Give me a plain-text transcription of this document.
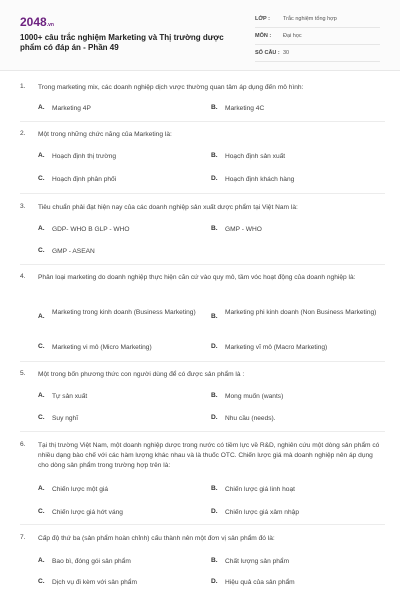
2048.vn
1000+ câu trắc nghiệm Marketing và Thị trường dược phẩm có đáp án - Phần 49
LỚP : Trắc nghiệm tổng hợp
MÔN : Đại học
SỐ CÂU : 30
1. Trong marketing mix, các doanh nghiệp dịch vược thường quan tâm áp dụng đến mô hình:
A. Marketing 4P	B. Marketing 4C
2. Một trong những chức năng của Marketing là:
A. Hoạch định thị trường	B. Hoạch định sản xuất
C. Hoạch định phân phối	D. Hoạch định khách hàng
3. Tiêu chuẩn phải đạt hiện nay của các doanh nghiệp sản xuất dược phẩm tại Việt Nam là:
A. GDP- WHO B GLP - WHO	B. GMP - WHO
C. GMP - ASEAN
4. Phân loại marketing do doanh nghiệp thực hiện căn cứ vào quy mô, tầm vóc hoạt động của doanh nghiệp là:
A.
Marketing trong kinh doanh (Business Marketing)
B.
Marketing phi kinh doanh (Non Business Marketing)
C. Marketing vi mô (Micro Marketing)	D. Marketing vĩ mô (Macro Marketing)
5. Một trong bốn phương thức con người dùng để có được sản phẩm là :
A. Tự sản xuất	B. Mong muốn (wants)
C. Suy nghĩ	D. Nhu cầu (needs).
6. Tại thị trường Việt Nam, một doanh nghiệp dược trong nước có tiềm lực về R&D, nghiên cứu một dòng sản phẩm có nhiều dạng bào chế với các hàm lượng khác nhau và là thuốc OTC. Chiến lược giá mà doanh nghiệp nên áp dụng cho dòng sản phẩm trong trường hợp trên là:
A. Chiến lược một giá	B. Chiến lược giá linh hoạt
C. Chiến lược giá hớt váng	D. Chiến lược giá xâm nhập
7. Cấp độ thứ ba (sản phẩm hoàn chỉnh) cấu thành nên một đơn vị sản phẩm đó là:
A. Bao bì, đóng gói sản phẩm	B. Chất lượng sản phẩm
C. Dịch vụ đi kèm với sản phẩm	D. Hiệu quả của sản phẩm
